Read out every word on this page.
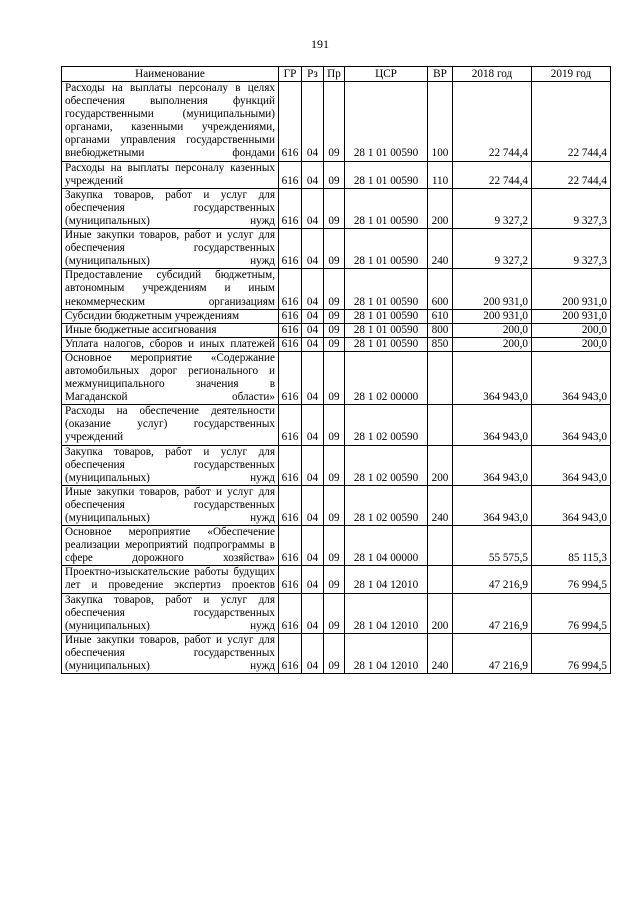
191
Наименование	ГР	Рз	Пр	ЦСР	ВР	2018 год	2019 год
Расходы на выплаты персоналу в целях обеспечения выполнения функций государственными (муниципальными) органами, казенными учреждениями, органами управления государственными внебюджетными фондами	616	04	09	28 1 01 00590	100	22 744,4	22 744,4
Расходы на выплаты персоналу казенных учреждений	616	04	09	28 1 01 00590	110	22 744,4	22 744,4
Закупка товаров, работ и услуг для обеспечения государственных (муниципальных) нужд	616	04	09	28 1 01 00590	200	9 327,2	9 327,3
Иные закупки товаров, работ и услуг для обеспечения государственных (муниципальных) нужд	616	04	09	28 1 01 00590	240	9 327,2	9 327,3
Предоставление субсидий бюджетным, автономным учреждениям и иным некоммерческим организациям	616	04	09	28 1 01 00590	600	200 931,0	200 931,0
Субсидии бюджетным учреждениям	616	04	09	28 1 01 00590	610	200 931,0	200 931,0
Иные бюджетные ассигнования	616	04	09	28 1 01 00590	800	200,0	200,0
Уплата налогов, сборов и иных платежей	616	04	09	28 1 01 00590	850	200,0	200,0
Основное мероприятие «Содержание автомобильных дорог регионального и межмуниципального значения в Магаданской области»	616	04	09	28 1 02 00000		364 943,0	364 943,0
Расходы на обеспечение деятельности (оказание услуг) государственных учреждений	616	04	09	28 1 02 00590		364 943,0	364 943,0
Закупка товаров, работ и услуг для обеспечения государственных (муниципальных) нужд	616	04	09	28 1 02 00590	200	364 943,0	364 943,0
Иные закупки товаров, работ и услуг для обеспечения государственных (муниципальных) нужд	616	04	09	28 1 02 00590	240	364 943,0	364 943,0
Основное мероприятие «Обеспечение реализации мероприятий подпрограммы в сфере дорожного хозяйства»	616	04	09	28 1 04 00000		55 575,5	85 115,3
Проектно-изыскательские работы будущих лет и проведение экспертиз проектов	616	04	09	28 1 04 12010		47 216,9	76 994,5
Закупка товаров, работ и услуг для обеспечения государственных (муниципальных) нужд	616	04	09	28 1 04 12010	200	47 216,9	76 994,5
Иные закупки товаров, работ и услуг для обеспечения государственных (муниципальных) нужд	616	04	09	28 1 04 12010	240	47 216,9	76 994,5
